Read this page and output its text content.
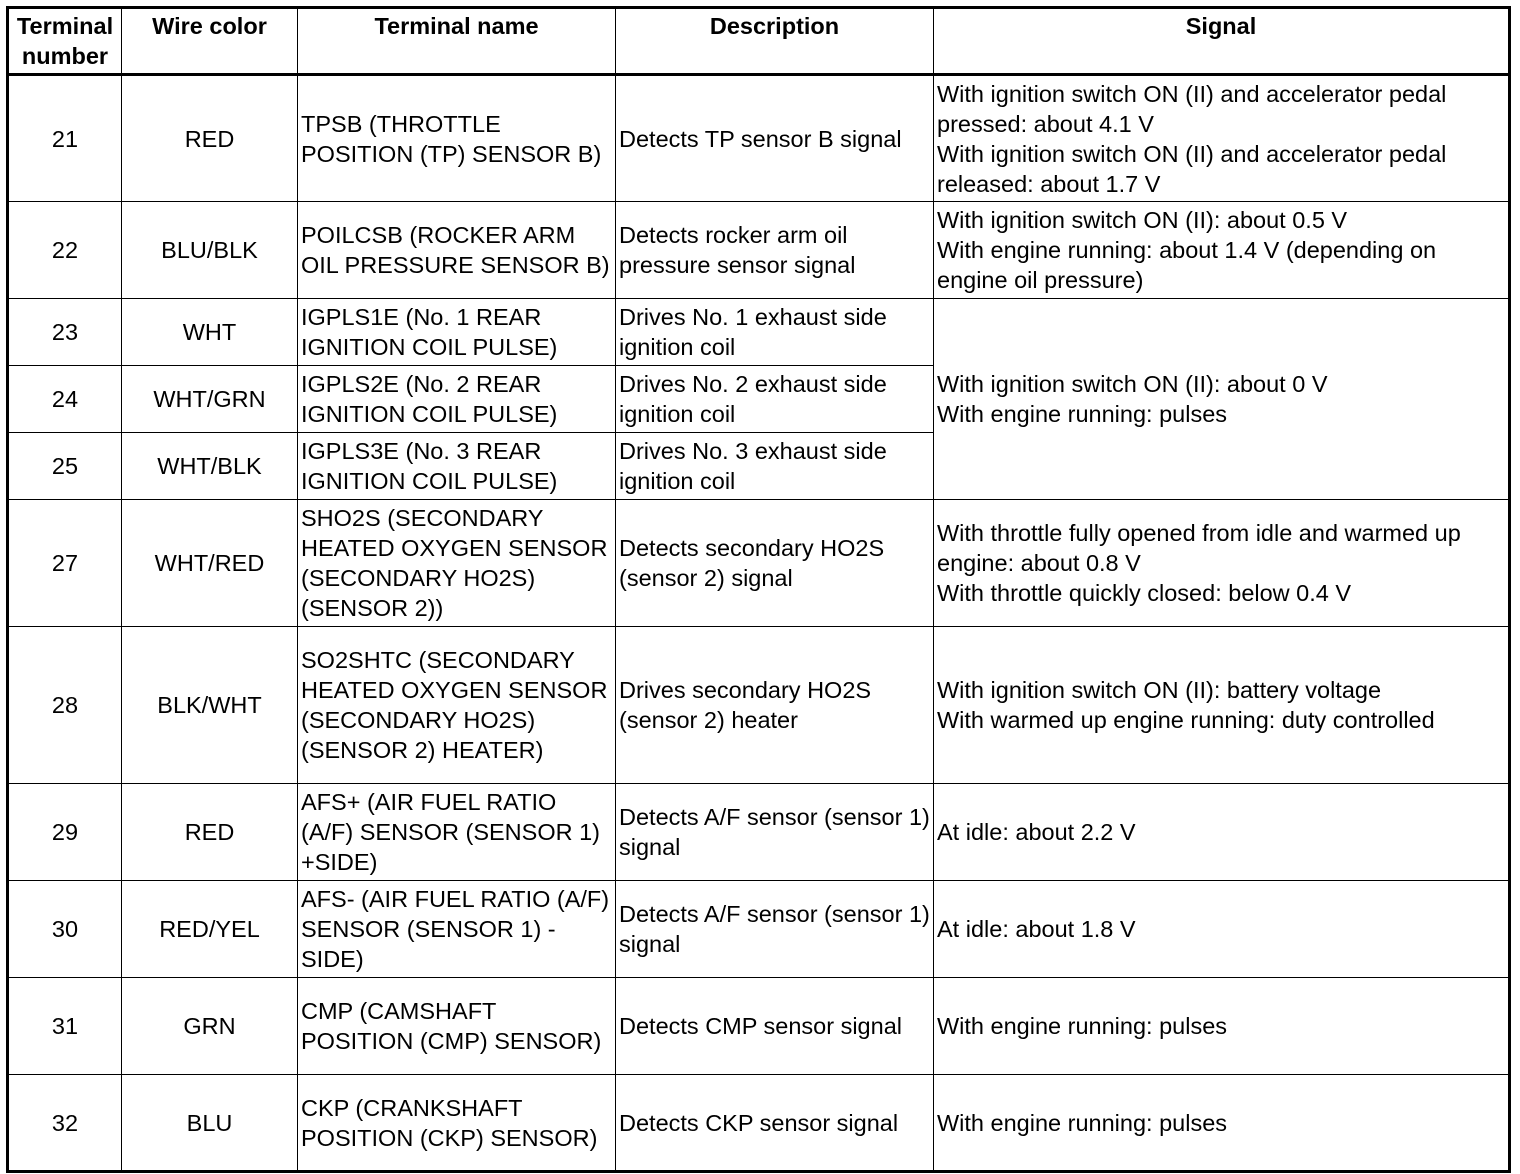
Terminal number	Wire color	Terminal name	Description	Signal
21	RED	TPSB (THROTTLE POSITION (TP) SENSOR B)	Detects TP sensor B signal	With ignition switch ON (II) and accelerator pedal pressed: about 4.1 V
With ignition switch ON (II) and accelerator pedal released: about 1.7 V

22	BLU/BLK	POILCSB (ROCKER ARM OIL PRESSURE SENSOR B)	Detects rocker arm oil pressure sensor signal	With ignition switch ON (II): about 0.5 V
With engine running: about 1.4 V (depending on engine oil pressure)

23	WHT	IGPLS1E (No. 1 REAR IGNITION COIL PULSE)	Drives No. 1 exhaust side ignition coil	With ignition switch ON (II): about 0 V
With engine running: pulses

24	WHT/GRN	IGPLS2E (No. 2 REAR IGNITION COIL PULSE)	Drives No. 2 exhaust side ignition coil	
25	WHT/BLK	IGPLS3E (No. 3 REAR IGNITION COIL PULSE)	Drives No. 3 exhaust side ignition coil	
27	WHT/RED	SHO2S (SECONDARY HEATED OXYGEN SENSOR (SECONDARY HO2S) (SENSOR 2))	Detects secondary HO2S (sensor 2) signal	With throttle fully opened from idle and warmed up engine: about 0.8 V
With throttle quickly closed: below 0.4 V

28	BLK/WHT	SO2SHTC (SECONDARY HEATED OXYGEN SENSOR (SECONDARY HO2S) (SENSOR 2) HEATER)	Drives secondary HO2S (sensor 2) heater	With ignition switch ON (II): battery voltage
With warmed up engine running: duty controlled

29	RED	AFS+ (AIR FUEL RATIO (A/F) SENSOR (SENSOR 1) +SIDE)	Detects A/F sensor (sensor 1) signal	At idle: about 2.2 V

30	RED/YEL	AFS- (AIR FUEL RATIO (A/F) SENSOR (SENSOR 1) -SIDE)	Detects A/F sensor (sensor 1) signal	At idle: about 1.8 V

31	GRN	CMP (CAMSHAFT POSITION (CMP) SENSOR)	Detects CMP sensor signal	With engine running: pulses

32	BLU	CKP (CRANKSHAFT POSITION (CKP) SENSOR)	Detects CKP sensor signal	With engine running: pulses
